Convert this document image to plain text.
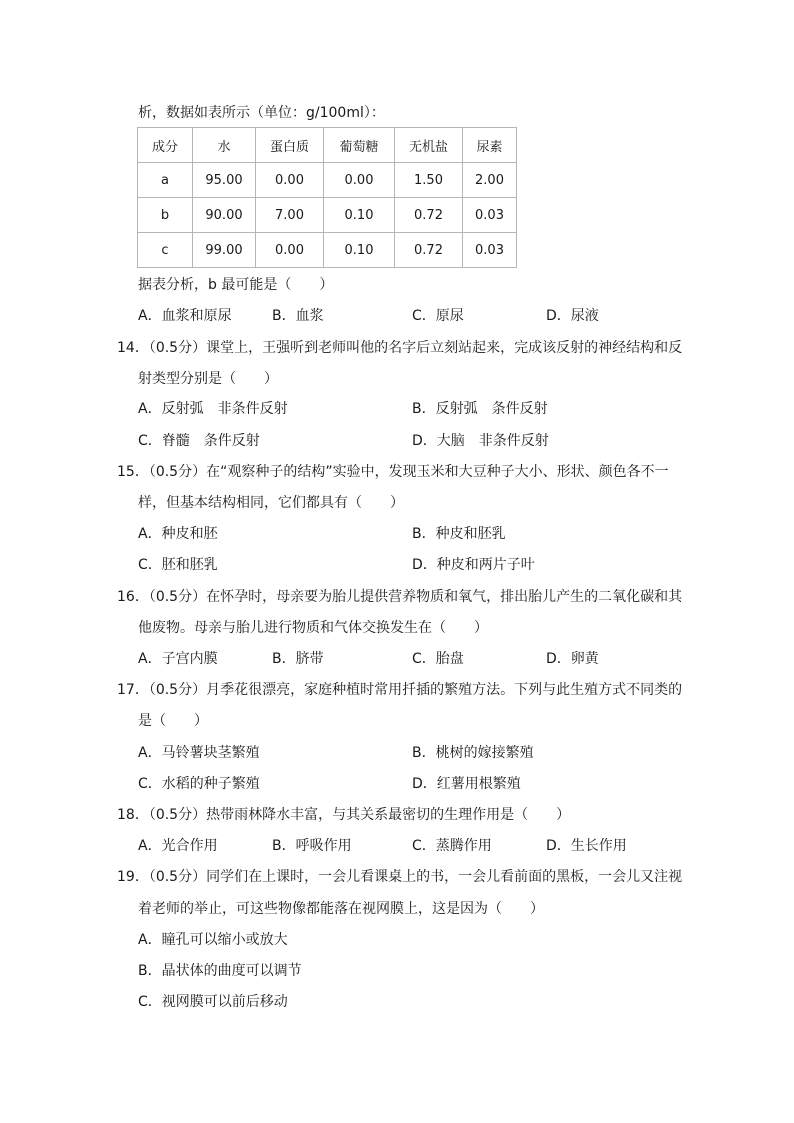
析，数据如表所示（单位：g/100ml）：
成分	水	蛋白质	葡萄糖	无机盐	尿素
a	95.00	0.00	0.00	1.50	2.00
b	90.00	7.00	0.10	0.72	0.03
c	99.00	0.00	0.10	0.72	0.03
据表分析，b 最可能是（　　）
A．血浆和原尿	B．血浆	C．原尿	D．尿液
14．（0.5分）课堂上，王强听到老师叫他的名字后立刻站起来，完成该反射的神经结构和反
射类型分别是（　　）
A．反射弧　非条件反射	B．反射弧　条件反射
C．脊髓　条件反射	D．大脑　非条件反射
15．（0.5分）在“观察种子的结构”实验中，发现玉米和大豆种子大小、形状、颜色各不一
样，但基本结构相同，它们都具有（　　）
A．种皮和胚	B．种皮和胚乳
C．胚和胚乳	D．种皮和两片子叶
16．（0.5分）在怀孕时，母亲要为胎儿提供营养物质和氧气，排出胎儿产生的二氧化碳和其
他废物。母亲与胎儿进行物质和气体交换发生在（　　）
A．子宫内膜	B．脐带	C．胎盘	D．卵黄
17．（0.5分）月季花很漂亮，家庭种植时常用扦插的繁殖方法。下列与此生殖方式不同类的
是（　　）
A．马铃薯块茎繁殖	B．桃树的嫁接繁殖
C．水稻的种子繁殖	D．红薯用根繁殖
18．（0.5分）热带雨林降水丰富，与其关系最密切的生理作用是（　　）
A．光合作用	B．呼吸作用	C．蒸腾作用	D．生长作用
19．（0.5分）同学们在上课时，一会儿看课桌上的书，一会儿看前面的黑板，一会儿又注视
着老师的举止，可这些物像都能落在视网膜上，这是因为（　　）
A．瞳孔可以缩小或放大
B．晶状体的曲度可以调节
C．视网膜可以前后移动
